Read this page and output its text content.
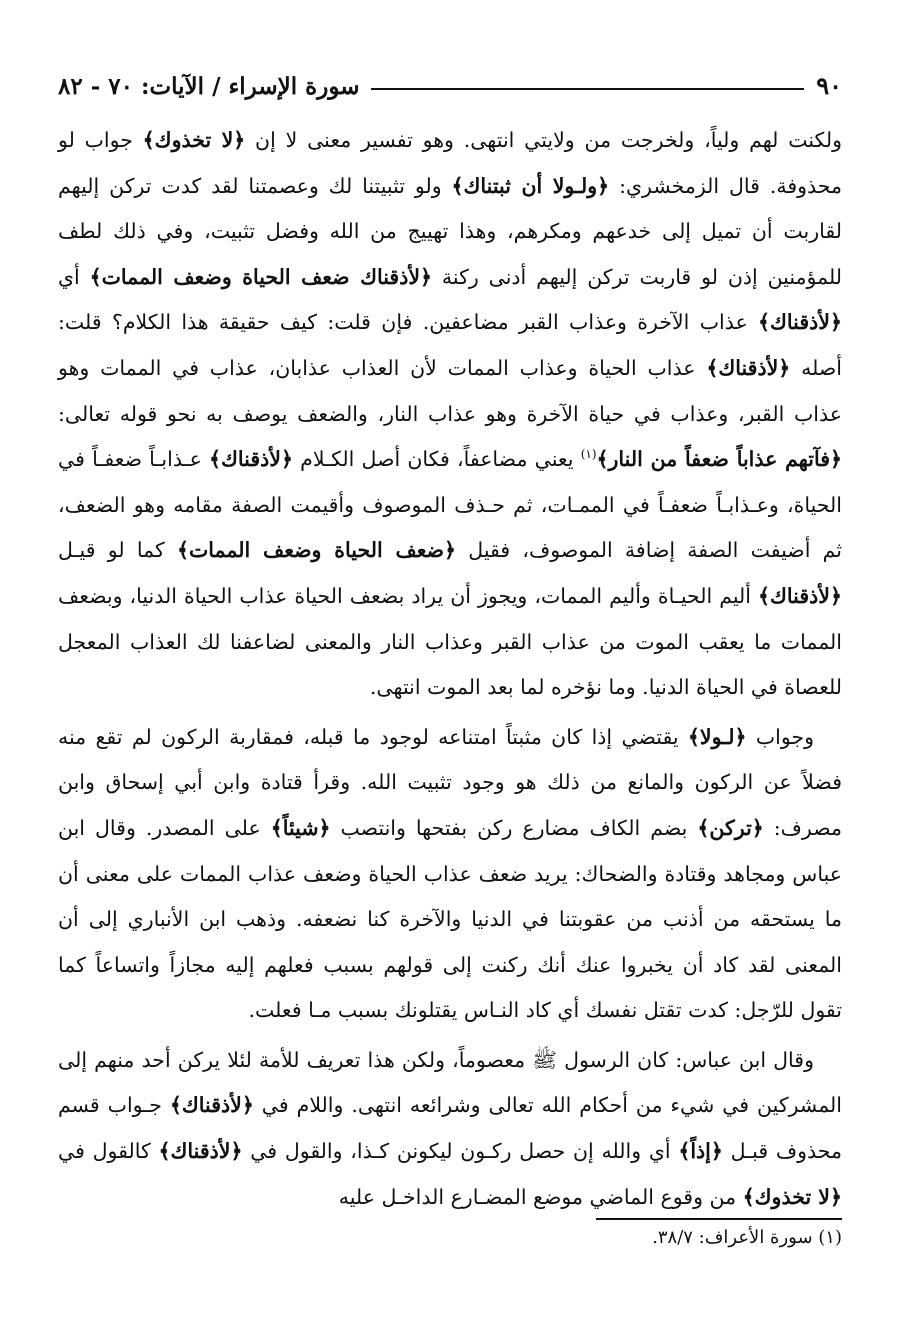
٩٠
سورة الإسراء / الآيات: ٧٠ - ٨٢

ولكنت لهم ولياً، ولخرجت من ولايتي انتهى. وهو تفسير معنى لا إن ﴿لا تخذوك﴾ جواب لو محذوفة. قال الزمخشري: ﴿ولـولا أن ثبتناك﴾ ولو تثبيتنا لك وعصمتنا لقد كدت تركن إليهم لقاربت أن تميل إلى خدعهم ومكرهم، وهذا تهييج من الله وفضل تثبيت، وفي ذلك لطف للمؤمنين إذن لو قاربت تركن إليهم أدنى ركنة ﴿لأذقناك ضعف الحياة وضعف الممات﴾ أي ﴿لأذقناك﴾ عذاب الآخرة وعذاب القبر مضاعفين. فإن قلت: كيف حقيقة هذا الكلام؟ قلت: أصله ﴿لأذقناك﴾ عذاب الحياة وعذاب الممات لأن العذاب عذابان، عذاب في الممات وهو عذاب القبر، وعذاب في حياة الآخرة وهو عذاب النار، والضعف يوصف به نحو قوله تعالى: ﴿فآتهم عذاباً ضعفاً من النار﴾$^{(١)}$ يعني مضاعفاً، فكان أصل الكـلام ﴿لأذقناك﴾ عـذابـاً ضعفـاً في الحياة، وعـذابـاً ضعفـاً في الممـات، ثم حـذف الموصوف وأقيمت الصفة مقامه وهو الضعف، ثم أضيفت الصفة إضافة الموصوف، فقيل ﴿ضعف الحياة وضعف الممات﴾ كما لو قيـل ﴿لأذقناك﴾ أليم الحيـاة وأليم الممات، ويجوز أن يراد بضعف الحياة عذاب الحياة الدنيا، وبضعف الممات ما يعقب الموت من عذاب القبر وعذاب النار والمعنى لضاعفنا لك العذاب المعجل للعصاة في الحياة الدنيا. وما نؤخره لما بعد الموت انتهى.

وجواب ﴿لـولا﴾ يقتضي إذا كان مثبتاً امتناعه لوجود ما قبله، فمقاربة الركون لم تقع منه فضلاً عن الركون والمانع من ذلك هو وجود تثبيت الله. وقرأ قتادة وابن أبي إسحاق وابن مصرف: ﴿تركن﴾ بضم الكاف مضارع ركن بفتحها وانتصب ﴿شيئاً﴾ على المصدر. وقال ابن عباس ومجاهد وقتادة والضحاك: يريد ضعف عذاب الحياة وضعف عذاب الممات على معنى أن ما يستحقه من أذنب من عقوبتنا في الدنيا والآخرة كنا نضعفه. وذهب ابن الأنباري إلى أن المعنى لقد كاد أن يخبروا عنك أنك ركنت إلى قولهم بسبب فعلهم إليه مجازاً واتساعاً كما تقول للرّجل: كدت تقتل نفسك أي كاد النـاس يقتلونك بسبب مـا فعلت.

وقال ابن عباس: كان الرسول ﷺ معصوماً، ولكن هذا تعريف للأمة لئلا يركن أحد منهم إلى المشركين في شيء من أحكام الله تعالى وشرائعه انتهى. واللام في ﴿لأذقناك﴾ جـواب قسم محذوف قبـل ﴿إذاً﴾ أي والله إن حصل ركـون ليكونن كـذا، والقول في ﴿لأذقناك﴾ كالقول في ﴿لا تخذوك﴾ من وقوع الماضي موضع المضـارع الداخـل عليه

(١) سورة الأعراف: ٣٨/٧.
